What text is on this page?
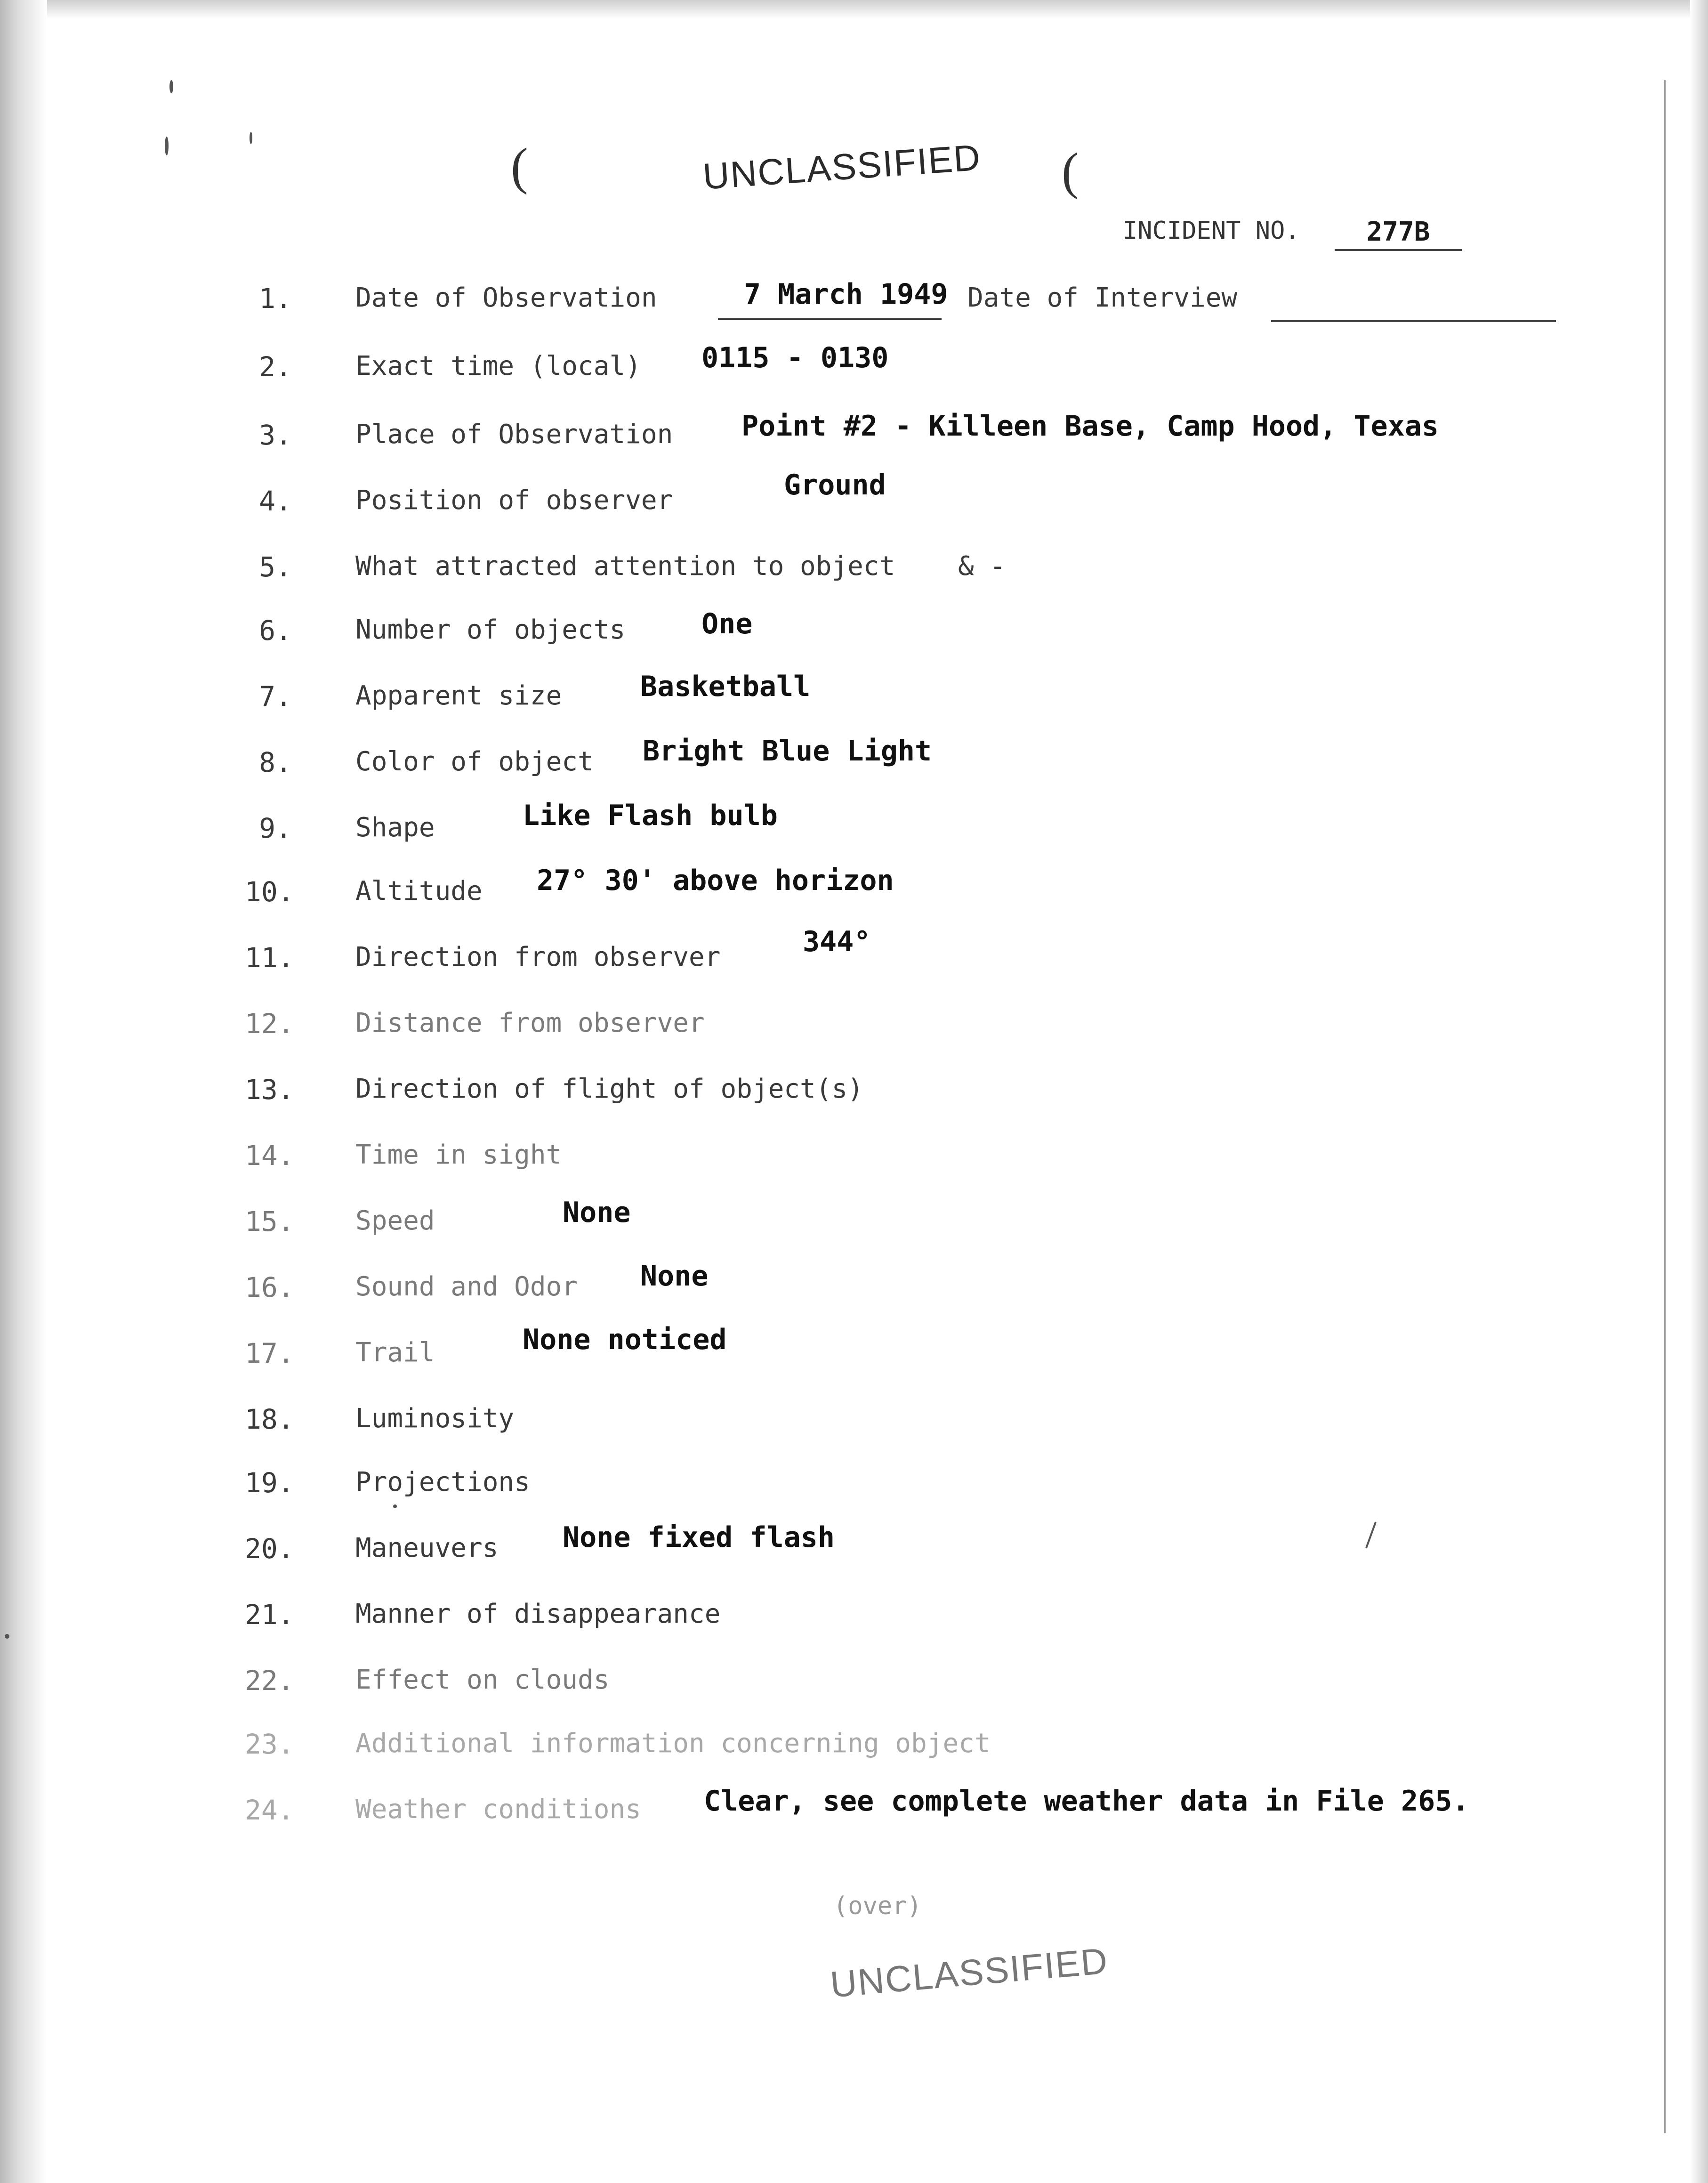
(	(
UNCLASSIFIED
INCIDENT NO.	277B
1. Date of Observation	7 March 1949 Date of Interview
2. Exact time (local) 0115 - 0130
3. Place of Observation Point #2 - Killeen Base, Camp Hood, Texas
4. Position of observer	Ground
5. What attracted attention to object & -
6. Number of objects	One
7. Apparent size	Basketball
8. Color of object Bright Blue Light
9. Shape	Like Flash bulb
10. Altitude 27° 30' above horizon
11. Direction from observer	344°
12. Distance from observer
13. Direction of flight of object(s)
14. Time in sight
15. Speed	None
16. Sound and Odor None
17. Trail	None noticed
18. Luminosity
19. Projections
20. Maneuvers None fixed flash
21. Manner of disappearance
22. Effect on clouds
23. Additional information concerning object
24. Weather conditions Clear, see complete weather data in File 265.
(over)
UNCLASSIFIED
